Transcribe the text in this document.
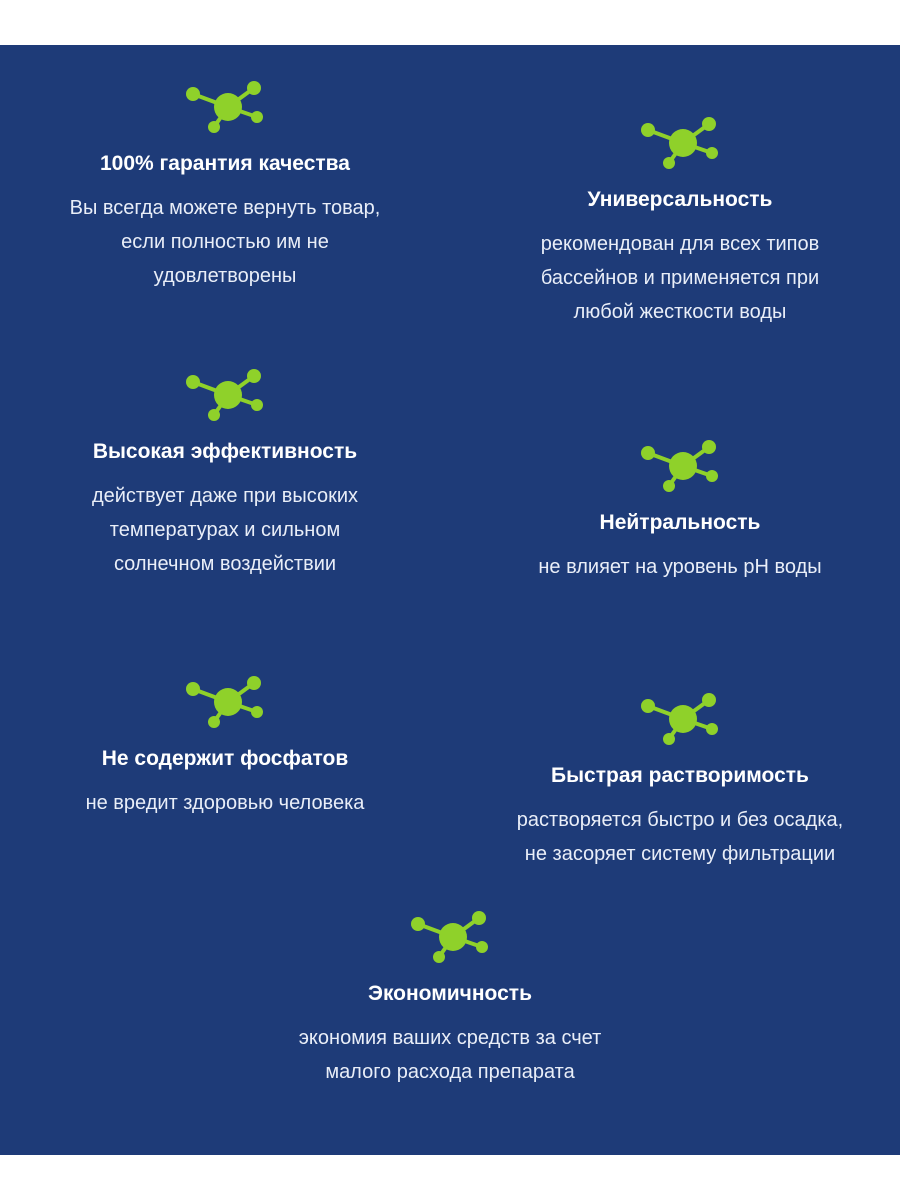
100% гарантия качества
Вы всегда можете вернуть товар,
если полностью им не
удовлетворены
Универсальность
рекомендован для всех типов
бассейнов и применяется при
любой жесткости воды
Высокая эффективность
действует даже при высоких
температурах и сильном
солнечном воздействии
Нейтральность
не влияет на уровень pH воды
Не содержит фосфатов
не вредит здоровью человека
Быстрая растворимость
растворяется быстро и без осадка,
не засоряет систему фильтрации
Экономичность
экономия ваших средств за счет
малого расхода препарата
